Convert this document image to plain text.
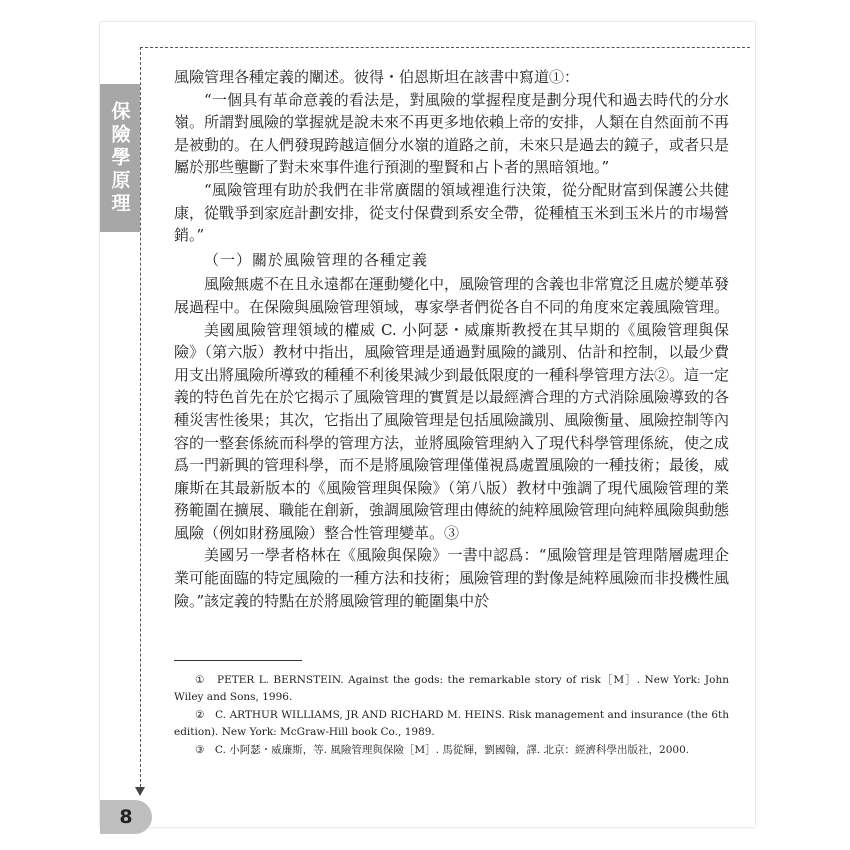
保險學原理
8

風險管理各種定義的闡述。彼得・伯恩斯坦在該書中寫道①：

“一個具有革命意義的看法是，對風險的掌握程度是劃分現代和過去時代的分水嶺。所謂對風險的掌握就是說未來不再更多地依賴上帝的安排，人類在自然面前不再是被動的。在人們發現跨越這個分水嶺的道路之前，未來只是過去的鏡子，或者只是屬於那些壟斷了對未來事件進行預測的聖賢和占卜者的黑暗領地。”

“風險管理有助於我們在非常廣闊的領域裡進行決策，從分配財富到保護公共健康，從戰爭到家庭計劃安排，從支付保費到系安全帶，從種植玉米到玉米片的市場營銷。”

（一）關於風險管理的各種定義

風險無處不在且永遠都在運動變化中，風險管理的含義也非常寬泛且處於變革發展過程中。在保險與風險管理領域，專家學者們從各自不同的角度來定義風險管理。

美國風險管理領域的權威 C. 小阿瑟・威廉斯教授在其早期的《風險管理與保險》（第六版）教材中指出，風險管理是通過對風險的識別、估計和控制，以最少費用支出將風險所導致的種種不利後果減少到最低限度的一種科學管理方法②。這一定義的特色首先在於它揭示了風險管理的實質是以最經濟合理的方式消除風險導致的各種災害性後果；其次，它指出了風險管理是包括風險識別、風險衡量、風險控制等內容的一整套係統而科學的管理方法，並將風險管理納入了現代科學管理係統，使之成爲一門新興的管理科學，而不是將風險管理僅僅視爲處置風險的一種技術；最後，威廉斯在其最新版本的《風險管理與保險》（第八版）教材中強調了現代風險管理的業務範圍在擴展、職能在創新，強調風險管理由傳統的純粹風險管理向純粹風險與動態風險（例如財務風險）整合性管理變革。③

美國另一學者格林在《風險與保險》一書中認爲：“風險管理是管理階層處理企業可能面臨的特定風險的一種方法和技術；風險管理的對像是純粹風險而非投機性風險。”該定義的特點在於將風險管理的範圍集中於

①　PETER L. BERNSTEIN. Against the gods: the remarkable story of risk［M］. New York: John Wiley and Sons, 1996.

②　C. ARTHUR WILLIAMS, JR AND RICHARD M. HEINS. Risk management and insurance (the 6th edition). New York: McGraw-Hill book Co., 1989.

③　C. 小阿瑟・威廉斯，等. 風險管理與保險［M］. 馬從輝，劉國翰，譯. 北京：經濟科學出版社，2000.
